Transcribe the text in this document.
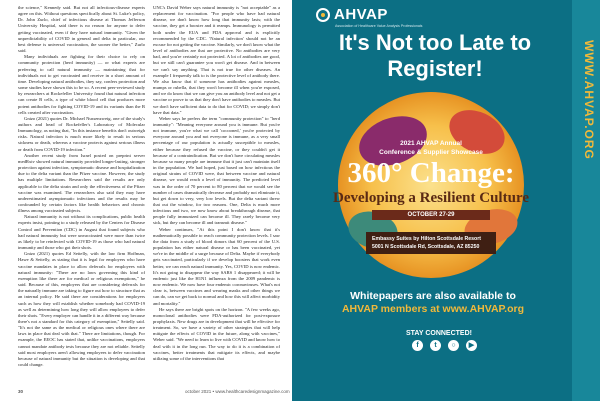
the science," Kennedy said. But not all infectious-disease experts agree on this. Without questions specifically about St. Luke's policy, Dr. John Zurlo, chief of infectious disease at Thomas Jefferson University Hospital, said there is no reason for anyone to defer getting vaccinated, even if they have natural immunity. "Given the unpredictability of COVID in general and delta in particular, our best defense is universal vaccination, the sooner the better," Zurlo said.

Many individuals are fighting for their choice to rely on community protection (herd immunity) — or what experts are preferring to call natural immunity — maintaining that for individuals not to get vaccinated and receive in a short amount of time. Developing natural antibodies, they say, confers protection and some studies have shown this to be so. A recent peer-reviewed study by researchers at Rockefeller University found that natural infection can create B cells, a type of white blood cell that produces more potent antibodies for fighting COVID-19 and its variants than the B cells created after vaccination.

Gnizo (2021) quotes Dr. Michael Nussenzweig, one of the study's authors and head of Rockefeller's Laboratory of Molecular Immunology, as noting that, "In this instance benefits don't outweigh risks. Natural infection is much more likely to result in serious sickness or death, whereas a vaccine protects against serious illness or death from COVID-19 infection."

Another recent study from Israel posted on preprint server medRxiv showed natural immunity provided longer-lasting, stronger protection against infection, symptomatic disease and hospitalization due to the delta variant than the Pfizer vaccine. However, the study has multiple limitations. Researchers said the results are only applicable to the delta strain and only the effectiveness of the Pfizer vaccine was examined. The researchers also said they may have underestimated asymptomatic infections and the results may be confounded by certain factors like health behaviors and chronic illness among vaccinated subjects.

Natural immunity is not without its complications, public health experts insist, pointing to a study released by the Centers for Disease Control and Prevention (CDC) in August that found subjects who had natural immunity but were unvaccinated were more than twice as likely to be reinfected with COVID-19 as those who had natural immunity and those who got their shots.

Gnizo (2021) quotes Ed Seitelly, with the law firm Hoffman, Hawe & Seitelly, as stating that it is legal for employers who have vaccine mandates in place to allow deferrals for employees with natural immunity: "There are no laws governing this kind of exemption like there are for medical or religious exemptions," he said. Because of this, employers that are considering deferrals for the naturally immune are taking to figure out how to structure that as an internal policy. He said there are considerations for employers such as how they will establish whether somebody had COVID-19 as well as determining how long they will allow employees to defer their shots. "Every employer can handle it in a different way because there's not a standard for this category of exemption," Seitelly said. "It's not the same as the medical or religious ones where there are laws in place that deal with that." There are limitations, though. For example, the EEOC has stated that, unlike vaccinations, employers cannot mandate antibody tests because they are not reliable. Seitelly said most employers aren't allowing employees to defer vaccination because of natural immunity but the situation is developing and that could change.

UNC's David Weber says natural immunity is "not acceptable" as a replacement for vaccination. "For people who have had natural disease, we don't know how long that immunity lasts; with the vaccine, they get a booster and it reamps. Immunology is permitted both under the EUA and FDA approval and is explicitly recommended by the CDC. 'Natural infection' should not be an excuse for not getting the vaccine. Similarly, we don't know what the level of antibodies are that are protective. No antibodies are very bad, and you're certainly not protected. A lot of antibodies are good, but we still can't guarantee you won't get disease. And in between we can't say anything. That is not true for other diseases. An example I frequently talk to is the protective level of antibody there. We also know that if someone has antibodies against measles, mumps or rubella, that they won't become ill when you're exposed, and we do know that we can give you an antibody level and not get a vaccine or prove to us that they don't have antibodies to measles. But we don't have sufficient data to do that for COVID; we simply don't have that data."

Weber says he prefers the term "community protection" to "herd immunity": "Meaning everyone around you is immune. But you're not immune, you're what we call 'cocooned,' you're protected by everyone around you and not everyone is immune, as a very small percentage of our population is actually susceptible to measles, either because they refused the vaccine, or they couldn't get it because of a contraindication. But we don't have circulating measles because so many people are immune that it just can't maintain itself in the population. We had hoped, just based on how infectious the original strains of COVID were, that between vaccine and natural disease, we would reach a level of immunity. The predicted level was in the order of 70 percent to 80 percent that we would see the number of cases dramatically decrease and probably not eliminate it, but get down to very, very low levels. But the delta variant threw that out the window, for two reasons. One, Delta is much more infectious and two, we now know about breakthrough disease, that people fully immunized can become ill. They rarely become very sick, but they can become ill and transmit disease."

Weber continues, "At this point I don't know that it's mathematically possible to reach community protection levels. I saw the data from a study of blood donors that 60 percent of the U.S. population has either natural disease or has been vaccinated, yet we're in the middle of a surge because of Delta. Maybe if everybody gets vaccinated, particularly if we develop boosters that work even better, we can reach natural immunity. Yes, COVID is now endemic. It's not going to disappear the way SARS 1 disappeared; it will be endemic just like the H1N1 influenza from the 2009 pandemic is now endemic. We now have four endemic coronaviruses. What's not clear is, between vaccines and wearing masks and other things we can do, can we get back to normal and how this will affect morbidity and mortality."

He says there are bright spots on the horizon. "A few weeks ago, monoclonal antibodies were FDA-authorized for post-exposure prophylaxis. New drugs are in development that will be effective for treatment. So, we have a variety of other strategies that will help mitigate the effects of COVID in the future, along with vaccines," Weber said. "We need to learn to live with COVID and know how to deal with it in the long run. The way to do it is a combination of vaccines, better treatments that mitigate its effects, and maybe utilizing some of the interventions that

30	october 2021 • www.healthcaredesignmagazine.com
WWW.AHVAP.ORG
AHVAP
Association of Healthcare Value Analysis Professionals
It's Not too Late to Register!
2021 AHVAP Annual
Conference & Supplier Showcase
360° Change:
Developing a Resilient Culture
OCTOBER 27-29
Embassy Suites by Hilton Scottsdale Resort
5001 N Scottsdale Rd, Scottsdale, AZ 85250
Whitepapers are also available to
AHVAP members at www.AHVAP.org
STAY CONNECTED!
f	t	○	▶
